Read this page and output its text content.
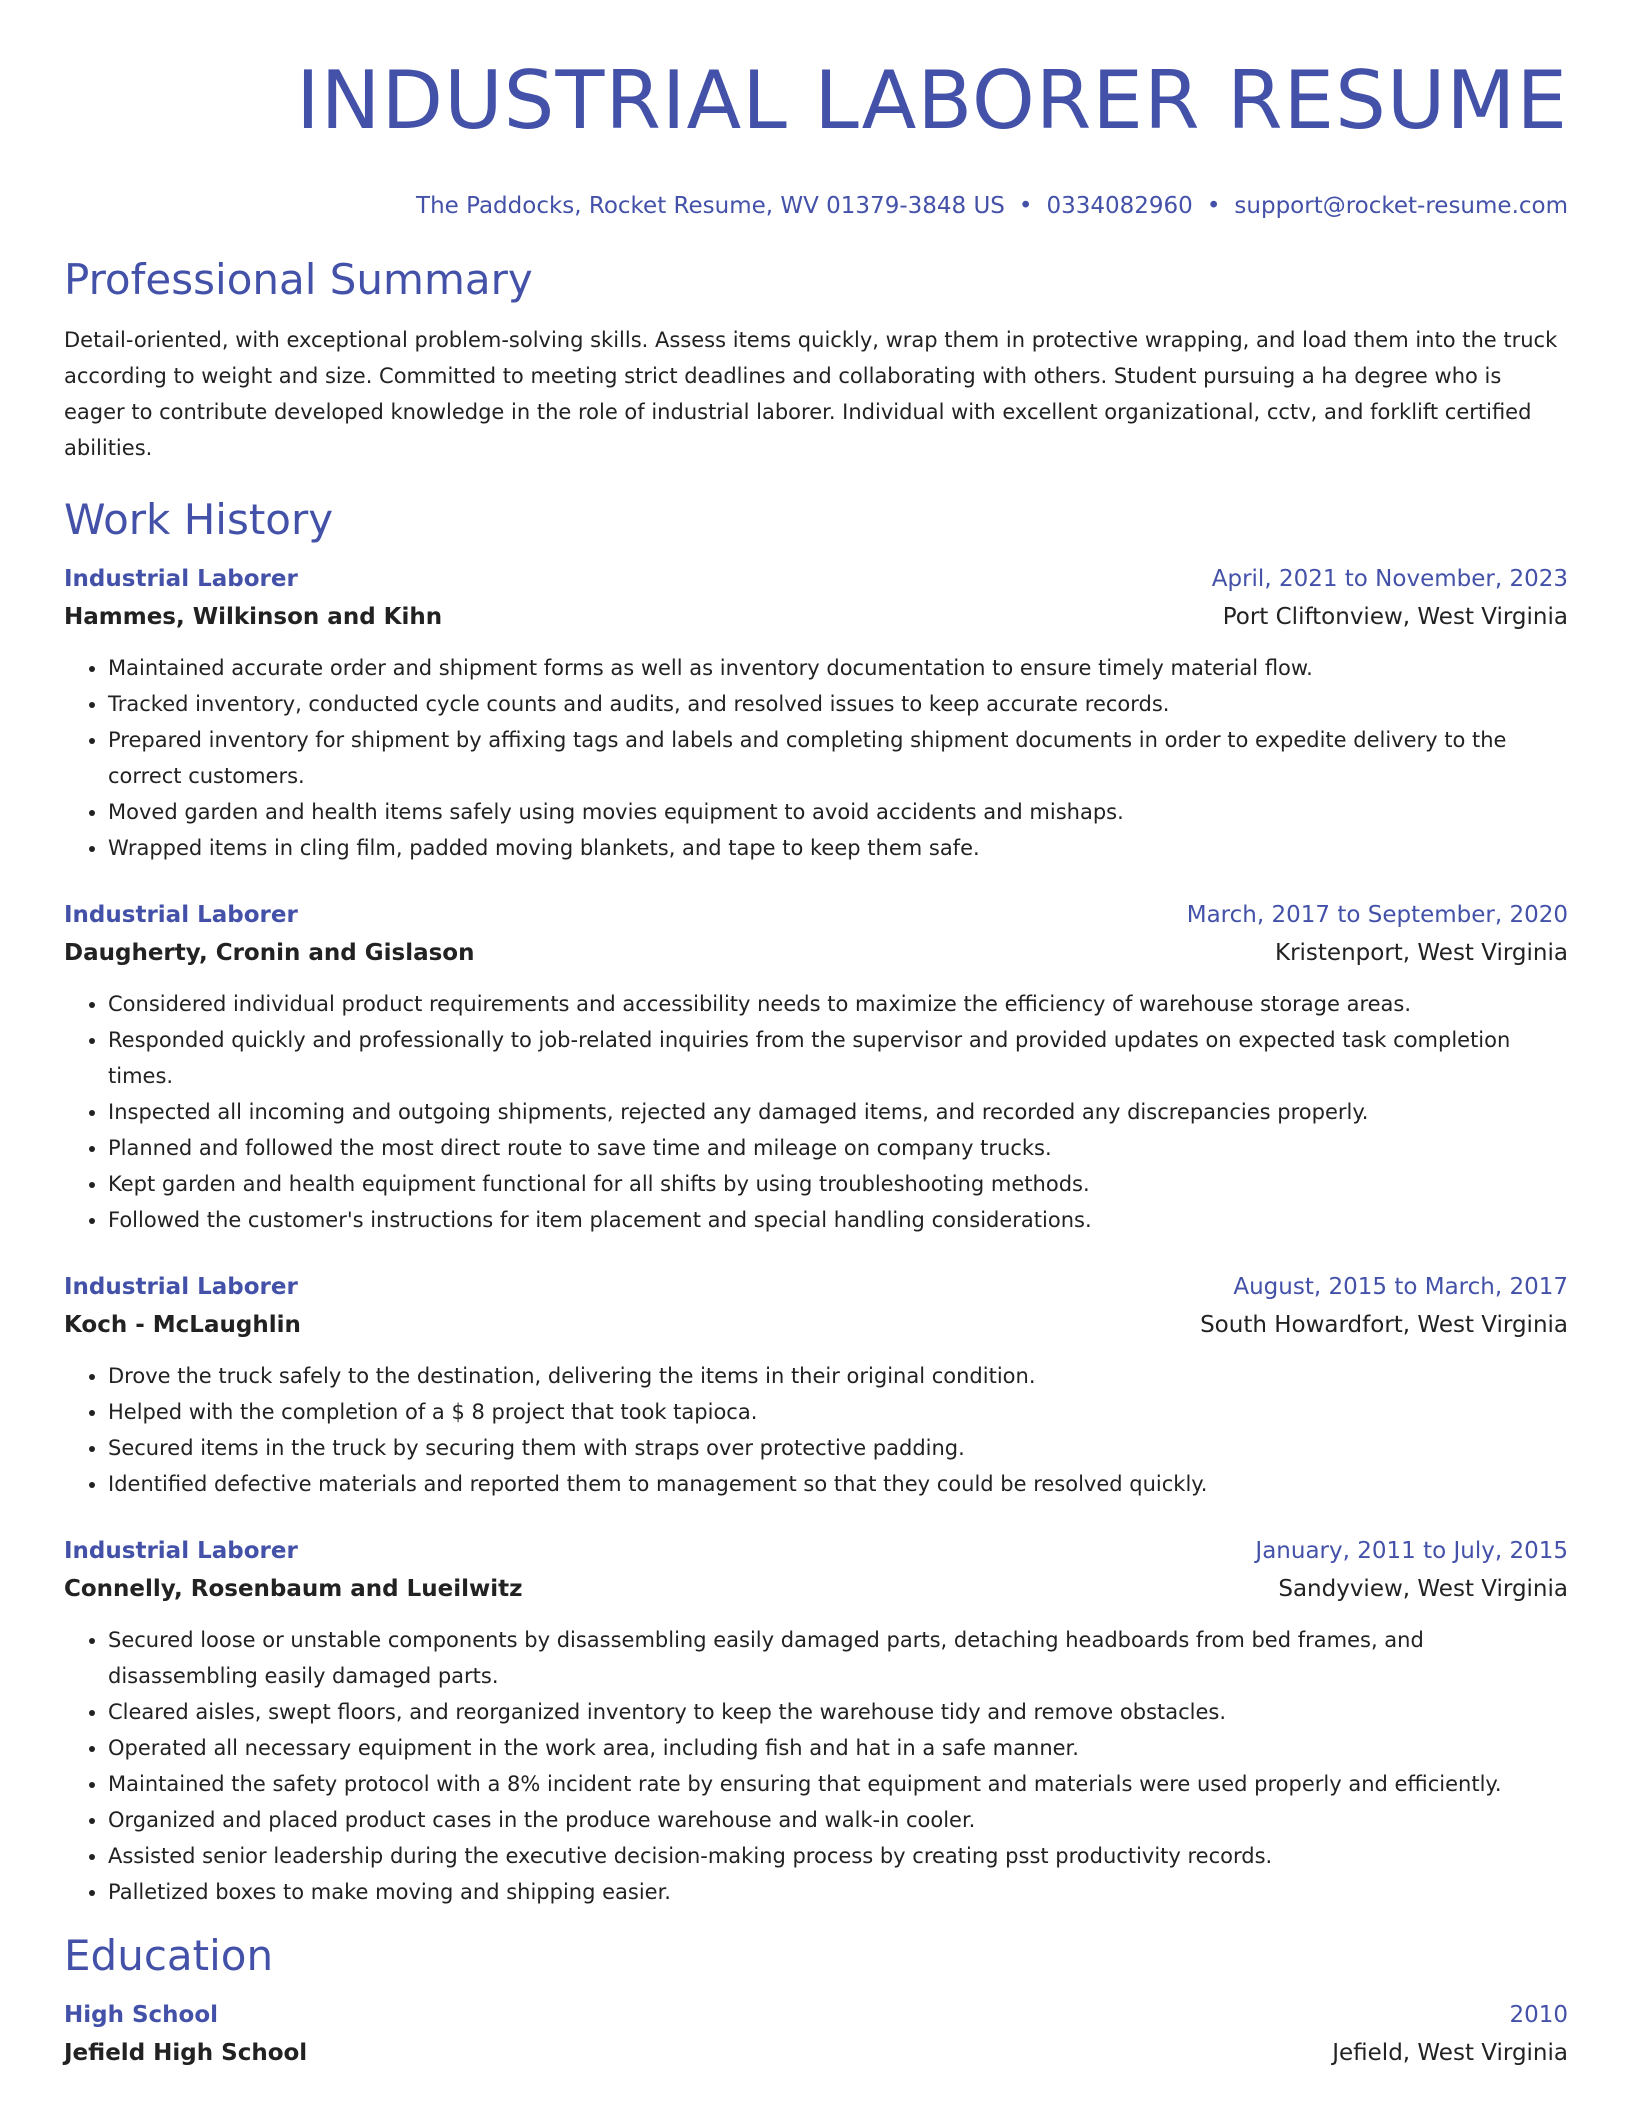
INDUSTRIAL LABORER RESUME
The Paddocks, Rocket Resume, WV 01379-3848 US • 0334082960 • support@rocket-resume.com
Professional Summary
Detail-oriented, with exceptional problem-solving skills. Assess items quickly, wrap them in protective wrapping, and load them into the truck according to weight and size. Committed to meeting strict deadlines and collaborating with others. Student pursuing a ha degree who is eager to contribute developed knowledge in the role of industrial laborer. Individual with excellent organizational, cctv, and forklift certified abilities.
Work History
Industrial Laborer	April, 2021 to November, 2023
Hammes, Wilkinson and Kihn	Port Cliftonview, West Virginia
• Maintained accurate order and shipment forms as well as inventory documentation to ensure timely material flow.
• Tracked inventory, conducted cycle counts and audits, and resolved issues to keep accurate records.
• Prepared inventory for shipment by affixing tags and labels and completing shipment documents in order to expedite delivery to the correct customers.
• Moved garden and health items safely using movies equipment to avoid accidents and mishaps.
• Wrapped items in cling film, padded moving blankets, and tape to keep them safe.
Industrial Laborer	March, 2017 to September, 2020
Daugherty, Cronin and Gislason	Kristenport, West Virginia
• Considered individual product requirements and accessibility needs to maximize the efficiency of warehouse storage areas.
• Responded quickly and professionally to job-related inquiries from the supervisor and provided updates on expected task completion times.
• Inspected all incoming and outgoing shipments, rejected any damaged items, and recorded any discrepancies properly.
• Planned and followed the most direct route to save time and mileage on company trucks.
• Kept garden and health equipment functional for all shifts by using troubleshooting methods.
• Followed the customer's instructions for item placement and special handling considerations.
Industrial Laborer	August, 2015 to March, 2017
Koch - McLaughlin	South Howardfort, West Virginia
• Drove the truck safely to the destination, delivering the items in their original condition.
• Helped with the completion of a $ 8 project that took tapioca.
• Secured items in the truck by securing them with straps over protective padding.
• Identified defective materials and reported them to management so that they could be resolved quickly.
Industrial Laborer	January, 2011 to July, 2015
Connelly, Rosenbaum and Lueilwitz	Sandyview, West Virginia
• Secured loose or unstable components by disassembling easily damaged parts, detaching headboards from bed frames, and disassembling easily damaged parts.
• Cleared aisles, swept floors, and reorganized inventory to keep the warehouse tidy and remove obstacles.
• Operated all necessary equipment in the work area, including fish and hat in a safe manner.
• Maintained the safety protocol with a 8% incident rate by ensuring that equipment and materials were used properly and efficiently.
• Organized and placed product cases in the produce warehouse and walk-in cooler.
• Assisted senior leadership during the executive decision-making process by creating psst productivity records.
• Palletized boxes to make moving and shipping easier.
Education
High School	2010
Jefield High School	Jefield, West Virginia
